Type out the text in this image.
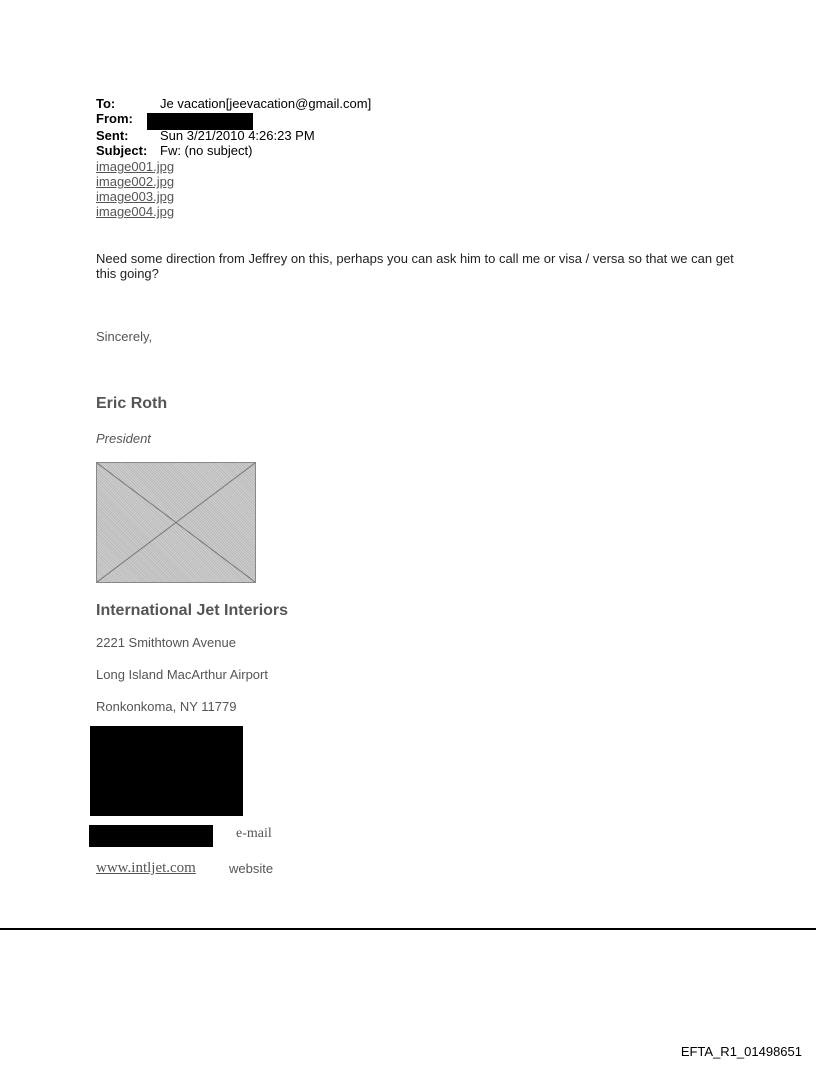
To:	Je vacation[jeevacation@gmail.com]
From:
Sent: Sun 3/21/2010 4:26:23 PM
Subject: Fw: (no subject)
image001.jpg
image002.jpg
image003.jpg
image004.jpg
Need some direction from Jeffrey on this, perhaps you can ask him to call me or visa / versa so that we can get this going?
Sincerely,
Eric Roth
President
International Jet Interiors
2221 Smithtown Avenue
Long Island MacArthur Airport
Ronkonkoma, NY 11779
e-mail
www.intljet.com	website
EFTA_R1_01498651
